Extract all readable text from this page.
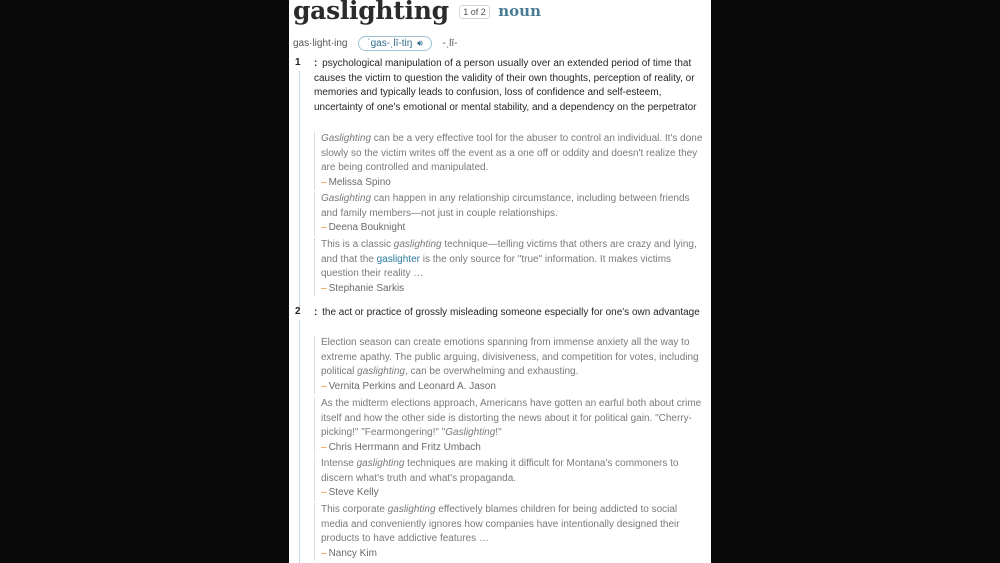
gaslighting 1 of 2 noun
gas·light·ing ˈgas-ˌlī-tiŋ 🔊︎ -ˌlī-
1 : psychological manipulation of a person usually over an extended period of time that causes the victim to question the validity of their own thoughts, perception of reality, or memories and typically leads to confusion, loss of confidence and self-esteem, uncertainty of one's emotional or mental stability, and a dependency on the perpetrator
Gaslighting can be a very effective tool for the abuser to control an individual. It's done slowly so the victim writes off the event as a one off or oddity and doesn't realize they are being controlled and manipulated.
– Melissa Spino
Gaslighting can happen in any relationship circumstance, including between friends and family members—not just in couple relationships.
– Deena Bouknight
This is a classic gaslighting technique—telling victims that others are crazy and lying, and that the gaslighter is the only source for "true" information. It makes victims question their reality …
– Stephanie Sarkis
2 : the act or practice of grossly misleading someone especially for one's own advantage
Election season can create emotions spanning from immense anxiety all the way to extreme apathy. The public arguing, divisiveness, and competition for votes, including political gaslighting, can be overwhelming and exhausting.
– Vernita Perkins and Leonard A. Jason
As the midterm elections approach, Americans have gotten an earful both about crime itself and how the other side is distorting the news about it for political gain. "Cherry-picking!" "Fearmongering!" "Gaslighting!"
– Chris Herrmann and Fritz Umbach
Intense gaslighting techniques are making it difficult for Montana's commoners to discern what's truth and what's propaganda.
– Steve Kelly
This corporate gaslighting effectively blames children for being addicted to social media and conveniently ignores how companies have intentionally designed their products to have addictive features …
– Nancy Kim
